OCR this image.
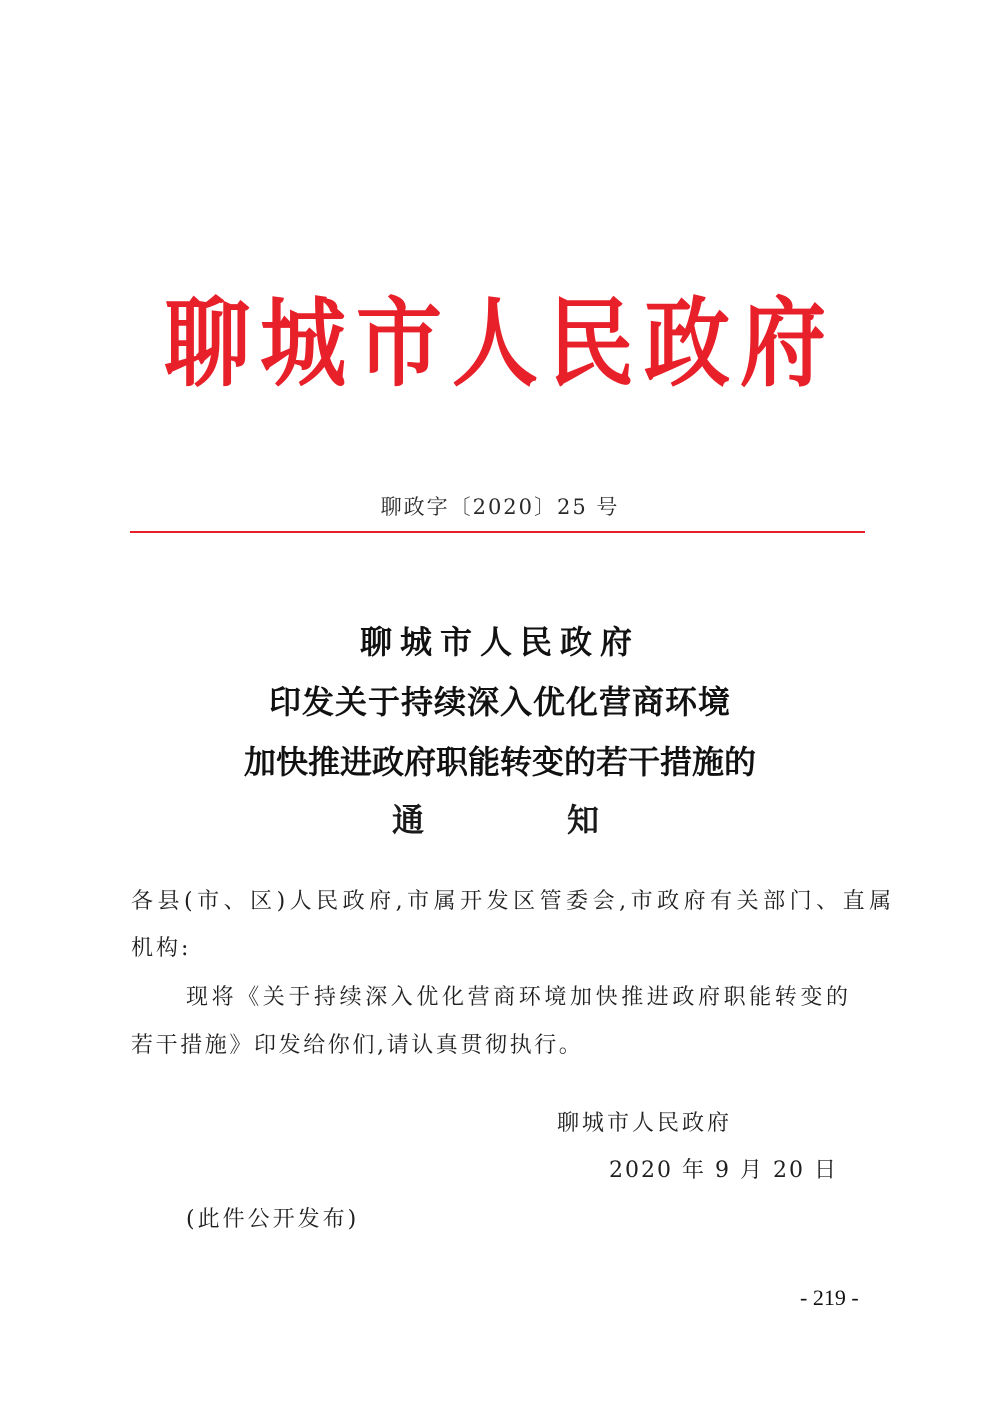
聊城市人民政府
聊政字〔2020〕25 号
聊城市人民政府
印发关于持续深入优化营商环境
加快推进政府职能转变的若干措施的
通	知
各县(市、区)人民政府,市属开发区管委会,市政府有关部门、直属
机构:
现将《关于持续深入优化营商环境加快推进政府职能转变的
若干措施》印发给你们,请认真贯彻执行。
聊城市人民政府
2020 年 9 月 20 日
(此件公开发布)
- 219 -
